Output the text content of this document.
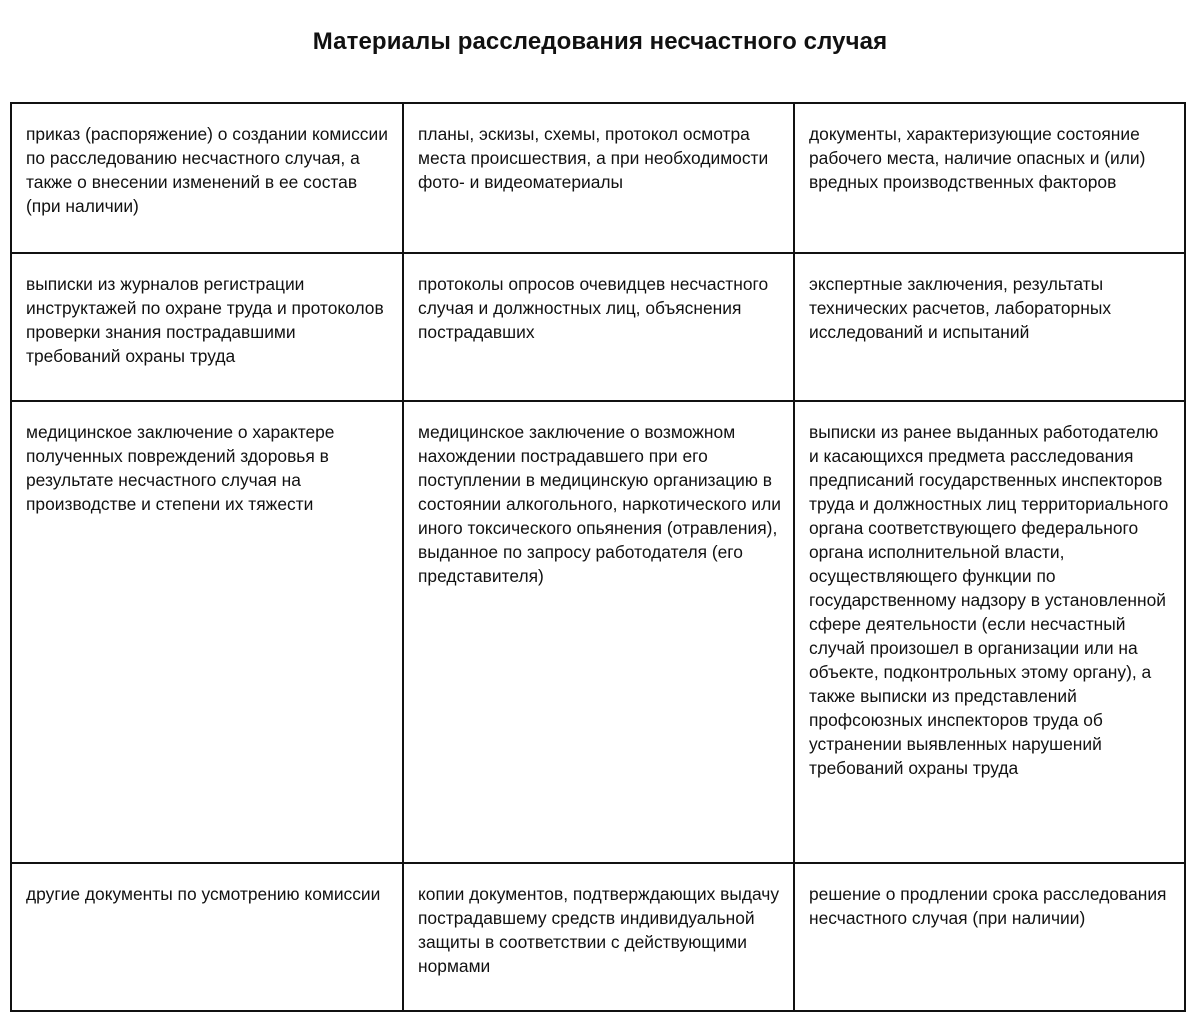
Материалы расследования несчастного случая
приказ (распоряжение) о создании комиссии по расследованию несчастного случая, а также о внесении изменений в ее состав (при наличии)
планы, эскизы, схемы, протокол осмотра места происшествия, а при необходимости фото- и видеоматериалы
документы, характеризующие состояние рабочего места, наличие опасных и (или) вредных производственных факторов
выписки из журналов регистрации инструктажей по охране труда и протоколов проверки знания пострадавшими требований охраны труда
протоколы опросов очевидцев несчастного случая и должностных лиц, объяснения пострадавших
экспертные заключения, результаты технических расчетов, лабораторных исследований и испытаний
медицинское заключение о характере полученных повреждений здоровья в результате несчастного случая на производстве и степени их тяжести
медицинское заключение о возможном нахождении пострадавшего при его поступлении в медицинскую организацию в состоянии алкогольного, наркотического или иного токсического опьянения (отравления), выданное по запросу работодателя (его представителя)
выписки из ранее выданных работодателю и касающихся предмета расследования предписаний государственных инспекторов труда и должностных лиц территориального органа соответствующего федерального органа исполнительной власти, осуществляющего функции по государственному надзору в установленной сфере деятельности (если несчастный случай произошел в организации или на объекте, подконтрольных этому органу), а также выписки из представлений профсоюзных инспекторов труда об устранении выявленных нарушений требований охраны труда
другие документы по усмотрению комиссии	копии документов, подтверждающих выдачу пострадавшему средств индивидуальной защиты в соответствии с действующими нормами
решение о продлении срока расследования несчастного случая (при наличии)
